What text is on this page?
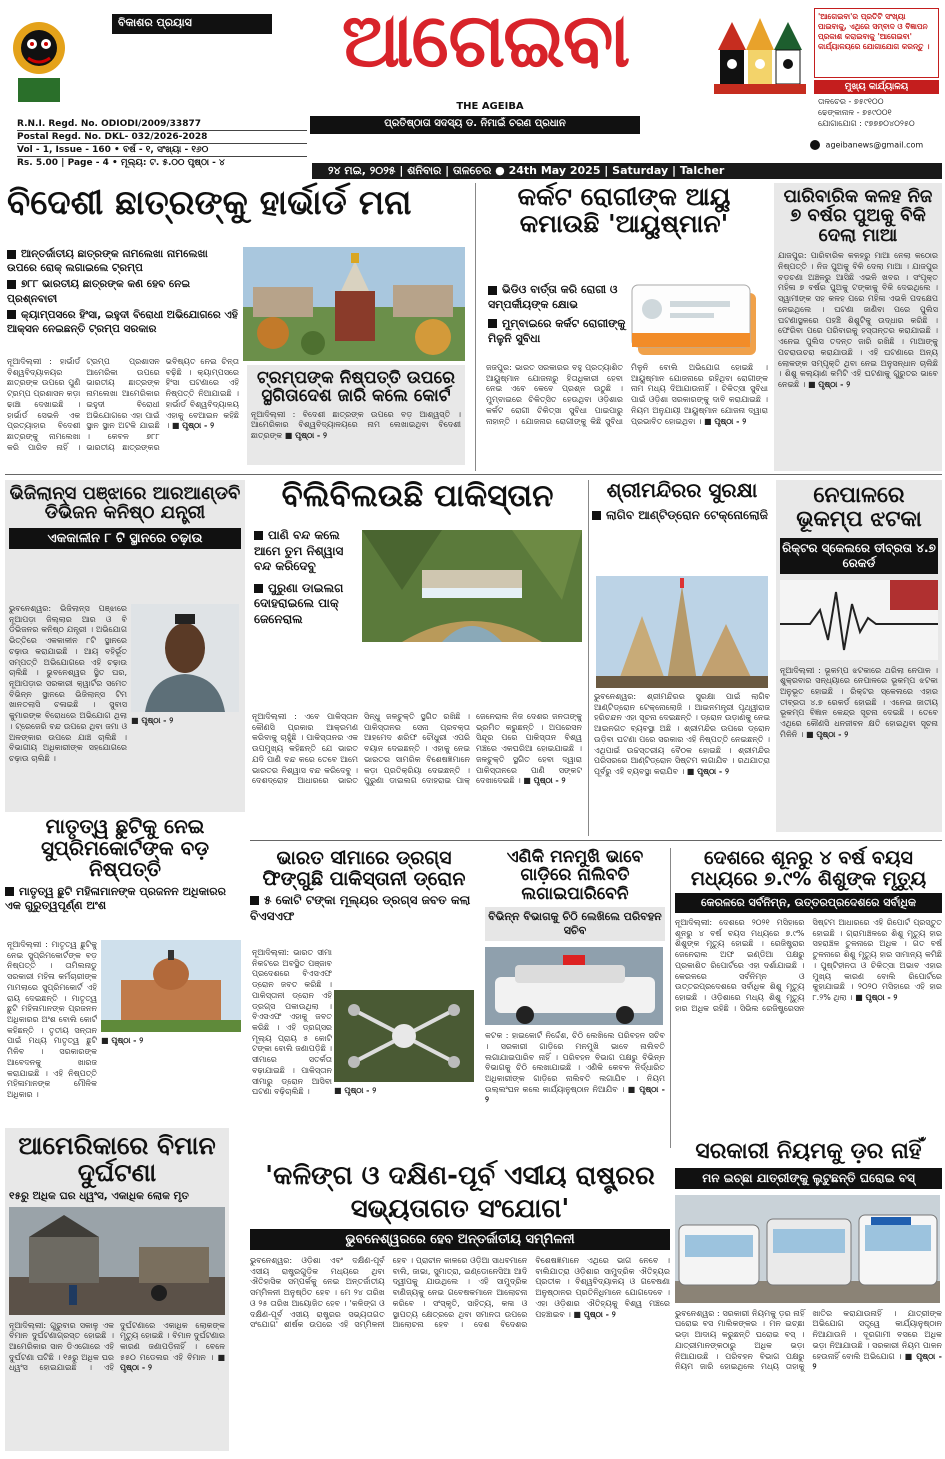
ବିକାଶର ପ୍ରୟାସ	ଆଗେଇବା
THE AGEIBA
ପ୍ରତିଷ୍ଠାତା ସଦସ୍ୟ ଡ. ନିମାଇଁ ଚରଣ ପ୍ରଧାନ
'ଆଗେଇବା'ର ପ୍ରତିଟି ସଂଖ୍ୟା ପାଇବାକୁ, ଏଥିରେ ସମ୍ବାଦ ଓ ବିଜ୍ଞାପନ ପ୍ରକାଶ କରାଇବାକୁ 'ଆଗେଇବା' କାର୍ଯ୍ୟାଳୟରେ ଯୋଗାଯୋଗ କରନ୍ତୁ ।
ମୁଖ୍ୟ କାର୍ଯ୍ୟାଳୟ
ତାଳଚେର - ୭୫୯୧୦୦
ଢେଙ୍କାନାଳ - ୭୫୯୦୦୧
ଯୋଗାଯୋଗ : ୯୭୭୭୦୪୦୨୫୦
ageibanews@gmail.com
R.N.I. Regd. No. ODIODI/2009/33877
Postal Regd. No. DKL- 032/2026-2028
Vol - 1, Issue - 160 • ବର୍ଷ - ୧, ସଂଖ୍ୟା - ୧୬୦
Rs. 5.00 | Page - 4 • ମୂଲ୍ୟ: ଟ. ୫.୦୦ ପୃଷ୍ଠା - ୪
୨୪ ମଇ, ୨୦୨୫ | ଶନିବାର | ତାଳଚେର ● 24th May 2025 | Saturday | Talcher
ବିଦେଶୀ ଛାତ୍ରଙ୍କୁ ହାର୍ଭାର୍ଡ ମନା
ଆନ୍ତର୍ଜାତୀୟ ଛାତ୍ରଙ୍କ ନାମଲେଖା ନାମଲେଖା ଉପରେ ରୋକ୍ ଲଗାଇଲେ ଟ୍ରମ୍ପ
୭୮୮ ଭାରତୀୟ ଛାତ୍ରଙ୍କ କଣ ହେବ ନେଇ ପ୍ରଶ୍ନବାଚୀ
କ୍ୟାମ୍ପସରେ ହିଂସା, ଇହୁଦୀ ବିରୋଧୀ ଅଭିଯୋଗରେ ଏହି ଆକ୍ସନ ନେଇଛନ୍ତି ଟ୍ରମ୍ପ ସରକାର
ନୂଆଦିଲ୍ଲୀ : ହାର୍ଭାର୍ଡ ବିଶ୍ୱବିଦ୍ୟାଳୟର ଛାତ୍ରଙ୍କ ଉପରେ ପୁଣି ଟ୍ରମ୍ପ ପ୍ରଶାସନ କଡ଼ା ଢାଞ୍ଚା ଦେଖାଇଛି । ହାର୍ଭାର୍ଡ ସେଭଳି ଏକ ପ୍ରତ୍ୟାହାର ବିଦେଶୀ ଛାତ୍ରଙ୍କୁ ନାମଲେଖା କରି ପାରିବ ନାହିଁ । ଟ୍ରମ୍ପ ପ୍ରଶାସନ ଆମେରିକା ଉପରେ ଭାରତୀୟ ଛାତ୍ରଙ୍କ ନାମଲେଖା ଆମେରିକାର ଇହୁଦୀ ବିରୋଧୀ ଅଭିଯୋଗରେ ଏହା ପାଇଁ ସ୍ଥାନ ସ୍ଥାନ ଅଟକି ଯାଇଛି । କେବଳ ୭୮୮ ଭାରତୀୟ ଛାତ୍ରଙ୍କର ଭବିଷ୍ୟତ ନେଇ ଚିନ୍ତା ବଢ଼ିଛି । କ୍ୟାମ୍ପସରେ ହିଂସା ଘଟଣାରେ ଏହି ନିଷ୍ପତ୍ତି ନିଆଯାଇଛି । ହାର୍ଭାର୍ଡ ବିଶ୍ୱବିଦ୍ୟାଳୟ ଏହାକୁ ବେଆଇନ କହିଛି । ■ ପୃଷ୍ଠା - ୨
ଟ୍ରମ୍ପଙ୍କ ନିଷ୍ପତ୍ତି ଉପରେ ସ୍ଥଗିତାଦେଶ ଜାରି କଲେ କୋର୍ଟ
ନୂଆଦିଲ୍ଲୀ : ବିଦେଶୀ ଛାତ୍ରଙ୍କ ଉପରେ ବଡ଼ ଆଶ୍ୱସ୍ତି । ଆମେରିକାର ବିଶ୍ୱବିଦ୍ୟାଳୟରେ ନାମ ଲେଖାଇଥିବା ବିଦେଶୀ ଛାତ୍ରଙ୍କ ■ ପୃଷ୍ଠା - ୨
କର୍କଟ ରୋଗୀଙ୍କ ଆୟୁ କମାଉଛି 'ଆୟୁଷ୍ମାନ'
ଭିଡିଓ ବାର୍ତ୍ତା କରି ରୋଗୀ ଓ ସମ୍ପର୍କୀୟଙ୍କ କ୍ଷୋଭ
ମୁମ୍ବାଇରେ କର୍କଟ ରୋଗୀଙ୍କୁ ମିଳୁନି ସୁବିଧା
ଜଜପୁର: ଭାରତ ସରକାରର ବହୁ ପ୍ରତ୍ୟାଶିତ ଆୟୁଷ୍ମାନ ଯୋଜନାରୁ ହିତାଧିକାରୀ ହେବା ନେଇ ଏବେ କେବେ ପ୍ରଶ୍ନ ଉଠୁଛି । ମୁମ୍ବାଇରେ ଚିକିତ୍ସିତ ହେଉଥିବା ଓଡ଼ିଶାର କର୍କଟ ରୋଗୀ ଚିକିତ୍ସା ସୁବିଧା ପାଇପାରୁ ନାହାନ୍ତି । ଯୋଜନାର ରୋଗୀଙ୍କୁ କିଛି ସୁବିଧା ମିଳୁନି ବୋଲି ଅଭିଯୋଗ ହୋଇଛି । ଆୟୁଷ୍ମାନ ଯୋଜନାରେ ରହିଥିବା ରୋଗୀଙ୍କ ନାମ ମଧ୍ୟ ଦିଆଯାଉନାହିଁ । ଚିକିତ୍ସା ସୁବିଧା ପାଇଁ ଓଡ଼ିଶା ସରକାରଙ୍କୁ ଦାବି କରାଯାଇଛି । ନିୟମ ଅନୁଯାୟୀ ଆୟୁଷ୍ମାନ ଯୋଜନା ଦ୍ୱାରା ପ୍ରଭାବିତ ହୋଇଥିବା । ■ ପୃଷ୍ଠା - ୨
ପାରିବାରିକ କଳହ ନିଜ ୭ ବର୍ଷର ପୁଅକୁ ବିକି ଦେଲା ମାଆ
ଯାଜପୁର: ପାରିବାରିକ କଳହରୁ ମାଆ ନେଲା କଠୋର ନିଷ୍ପତ୍ତି । ନିଜ ପୁଅକୁ ବିକି ଦେଲା ମାଆ । ଯାଜପୁର ବଡ଼ଚଣା ଅଞ୍ଚଳରୁ ଆସିଛି ଏଭଳି ଖବର । ସଂପୃକ୍ତ ମହିଳା ୭ ବର୍ଷର ପୁଅକୁ ଟଙ୍କାକୁ ବିକି ଦେଇଥିଲେ । ସ୍ୱାମୀଙ୍କ ସହ କଳହ ପରେ ମହିଳା ଏଭଳି ପଦକ୍ଷେପ ନେଇଥିଲେ । ଘଟଣା ଜାଣିବା ପରେ ପୁଲିସ ଘଟଣାସ୍ଥଳରେ ପହଞ୍ଚି ଶିଶୁଟିକୁ ଉଦ୍ଧାର କରିଛି । ଫେରିବା ପରେ ପରିବାରକୁ ହସ୍ତାନ୍ତର କରାଯାଇଛି । ଏନେଇ ପୁଲିସ ତଦନ୍ତ ଜାରି ରଖିଛି । ମାଆଙ୍କୁ ପଚରାଉଚରା କରାଯାଉଛି । ଏହି ଘଟଣାରେ ଅନ୍ୟ ଲୋକଙ୍କ ସମ୍ପୃକ୍ତି ଥିବା ନେଇ ଅନୁସନ୍ଧାନ ଚାଲିଛି । ଶିଶୁ କଲ୍ୟାଣ କମିଟି ଏହି ଘଟଣାକୁ ଗୁରୁତର ଭାବେ ନେଇଛି । ■ ପୃଷ୍ଠା - ୨
ଭିଜିଲାନ୍ସ ପଞ୍ଝାରେ ଆରଆଣ୍ଡବି ଡିଭିଜନ କନିଷ୍ଠ ଯନ୍ତ୍ରୀ
ଏକକାଳୀନ ୮ ଟି ସ୍ଥାନରେ ଚଢ଼ାଉ
ଭୁବନେଶ୍ୱର: ଭିଜିଲାନ୍ସ ପଞ୍ଝାରେ ନୂଆପଡ଼ା ଜିଲ୍ଲାର ଆର ଓ ବି ଡିଭିଜନର କନିଷ୍ଠ ଯନ୍ତ୍ରୀ । ଅଭିଯୋଗ ଭିତ୍ତିରେ ଏକକାଳୀନ ୮ଟି ସ୍ଥାନରେ ଚଢ଼ାଉ କରାଯାଇଛି । ଆୟ ବହିର୍ଭୂତ ସମ୍ପତ୍ତି ଅଭିଯୋଗରେ ଏହି ଚଢ଼ାଉ ଚାଲିଛି । ଭୁବନେଶ୍ୱର ସ୍ଥିତ ଘର, ନୂଆପଡ଼ାର ସରକାରୀ କ୍ୱାର୍ଟର ସମେତ ବିଭିନ୍ନ ସ୍ଥାନରେ ଭିଜିଲାନ୍ସ ଟିମ ଖାନତଲାସି ଚଳାଇଛି । ସୁବାସ କୁମାରଙ୍କ ବିରୋଧରେ ଅଭିଯୋଗ ଥିଲା । ଟ୍ରେଜେରି ବନ୍ଦ ଉପରେ ଥିବା ଜମା ଓ ଅଳଙ୍କାର ଉପରେ ଯାଞ୍ଚ ଚାଲିଛି । ବିଭାଗୀୟ ଅଧିକାରୀଙ୍କ ସହଯୋଗରେ ଚଢ଼ାଉ ଚାଲିଛି ।
■ ପୃଷ୍ଠା - ୨
ବିଲିବିଲଉଛି ପାକିସ୍ତାନ
ପାଣି ବନ୍ଦ କଲେ ଆମେ ତୁମ ନିଶ୍ୱାସ ବନ୍ଦ କରିଦେବୁ
ପୁରୁଣା ଡାଇଲଗ ଦୋହରାଇଲେ ପାକ୍ ଜେନେରାଲ
ନୂଆଦିଲ୍ଲୀ : ଏବେ ପାକିସ୍ତାନ କୌଣସି ପ୍ରକାର ଆକ୍ରମଣ କରିବାକୁ ଚାହୁଁଛି । ପାକିସ୍ତାନର ଏକ ଉପମୁଖ୍ୟ କହିଛନ୍ତି ଯେ ଭାରତ ଯଦି ପାଣି ବନ୍ଦ କରେ ତେବେ ଆମେ ଭାରତର ନିଶ୍ୱାସ ବନ୍ଦ କରିଦେବୁ । ଦେଶଦ୍ରୋହ ଆଧାରରେ ଭାରତ ସିନ୍ଧୁ ଜଳଚୁକ୍ତି ସ୍ଥଗିତ ରଖିଛି । ପାକିସ୍ତାନର ସେନା ପ୍ରବକ୍ତା ଆହମେଦ ଶରିଫ ଚୌଧୁରୀ ଏପରି ବୟାନ ଦେଇଛନ୍ତି । ଏହାକୁ ନେଇ ଭାରତର ସାମରିକ ବିଶେଷଜ୍ଞମାନେ କଡ଼ା ପ୍ରତିକ୍ରିୟା ଦେଇଛନ୍ତି । ପୁରୁଣା ଡାଇଲଗ ଦୋହରାଇ ପାକ୍ ଜେନେରାଲ ନିଜ ଦେଶର ଜନତାଙ୍କୁ ଭ୍ରମିତ କରୁଛନ୍ତି । ଅପରେସନ ସିନ୍ଦୂର ପରେ ପାକିସ୍ତାନ ବିଶ୍ୱ ମଞ୍ଚରେ ଏକଘରିଆ ହୋଇଯାଇଛି । ଜଳଚୁକ୍ତି ସ୍ଥଗିତ ହେବା ଦ୍ୱାରା ପାକିସ୍ତାନରେ ପାଣି ସଙ୍କଟ ଦେଖାଦେଇଛି । ■ ପୃଷ୍ଠା - ୨
ଶ୍ରୀମନ୍ଦିରର ସୁରକ୍ଷା
ଲାଗିବ ଆଣ୍ଟିଡ୍ରୋନ ଟେକ୍ନୋଲୋଜି
ଭୁବନେଶ୍ୱର: ଶ୍ରୀମନ୍ଦିରର ସୁରକ୍ଷା ପାଇଁ ଲାଗିବ ଆଣ୍ଟିଡ୍ରୋନ ଟେକ୍ନୋଲୋଜି । ଆଇନମନ୍ତ୍ରୀ ପୃଥ୍ୱୀରାଜ ହରିଚନ୍ଦନ ଏହା ସୂଚନା ଦେଇଛନ୍ତି । ଡ୍ରୋନ ଉଡ଼ାଣକୁ ନେଇ ଆଇନଗତ ବ୍ୟବସ୍ଥା ଅଛି । ଶ୍ରୀମନ୍ଦିର ଉପରେ ଡ୍ରୋନ ଉଡ଼ିବା ଘଟଣା ପରେ ସରକାର ଏହି ନିଷ୍ପତ୍ତି ନେଇଛନ୍ତି । ଏଥିପାଇଁ ଉଚ୍ଚସ୍ତରୀୟ ବୈଠକ ହୋଇଛି । ଶ୍ରୀମନ୍ଦିର ପରିସରରେ ଆଣ୍ଟିଡ୍ରୋନ ସିଷ୍ଟମ ଲଗାଯିବ । ରଥଯାତ୍ରା ପୂର୍ବରୁ ଏହି ବ୍ୟବସ୍ଥା କରାଯିବ । ■ ପୃଷ୍ଠା - ୨
ନେପାଳରେ ଭୂକମ୍ପ ଝଟକା
ରିକ୍ଟର ସ୍କେଲରେ ତୀବ୍ରତା ୪.୭ ରେକର୍ଡ
ନୂଆଦିଲ୍ଲୀ : ଭୂକମ୍ପ ଝଟକାରେ ଥରିଲା ନେପାଳ । ଶୁକ୍ରବାର ସନ୍ଧ୍ୟାରେ ନେପାଳରେ ଭୂକମ୍ପ ଝଟକା ଅନୁଭୂତ ହୋଇଛି । ରିକ୍ଟର ସ୍କେଲରେ ଏହାର ତୀବ୍ରତା ୪.୭ ରେକର୍ଡ ହୋଇଛି । ଏନେଇ ଜାତୀୟ ଭୂକମ୍ପ ବିଜ୍ଞାନ କେନ୍ଦ୍ର ସୂଚନା ଦେଇଛି । ତେବେ ଏଥିରେ କୌଣସି ଧନଜୀବନ କ୍ଷତି ହୋଇଥିବା ସୂଚନା ମିଳିନି । ■ ପୃଷ୍ଠା - ୨
ମାତୃତ୍ୱ ଛୁଟିକୁ ନେଇ ସୁପ୍ରିମକୋର୍ଟଙ୍କ ବଡ଼ ନିଷ୍ପତ୍ତି
ମାତୃତ୍ୱ ଛୁଟି ମହିଳାମାନଙ୍କ ପ୍ରଜନନ ଅଧିକାରର ଏକ ଗୁରୁତ୍ୱପୂର୍ଣ୍ଣ ଅଂଶ
ନୂଆଦିଲ୍ଲୀ : ମାତୃତ୍ୱ ଛୁଟିକୁ ନେଇ ସୁପ୍ରିମକୋର୍ଟଙ୍କ ବଡ଼ ନିଷ୍ପତ୍ତି । ତାମିଲନାଡୁ ସରକାରୀ ମହିଳା କର୍ମଚାରୀଙ୍କ ମାମଲାରେ ସୁପ୍ରିମକୋର୍ଟ ଏହି ରାୟ ଦେଇଛନ୍ତି । ମାତୃତ୍ୱ ଛୁଟି ମହିଳାମାନଙ୍କ ପ୍ରଜନନ ଅଧିକାରର ଅଂଶ ବୋଲି କୋର୍ଟ କହିଛନ୍ତି । ତୃତୀୟ ସନ୍ତାନ ପାଇଁ ମଧ୍ୟ ମାତୃତ୍ୱ ଛୁଟି ମିଳିବ । ସରକାରଙ୍କ ଆବେଦନକୁ ଖାରଜ କରାଯାଇଛି । ଏହି ନିଷ୍ପତ୍ତି ମହିଳାମାନଙ୍କ ମୌଳିକ ଅଧିକାର ।
■ ପୃଷ୍ଠା - ୨
ଭାରତ ସୀମାରେ ଡ୍ରଗ୍ସ ଫିଙ୍ଗୁଛି ପାକିସ୍ତାନୀ ଡ୍ରୋନ
୫ କୋଟି ଟଙ୍କା ମୂଲ୍ୟର ଡ୍ରଗ୍ସ ଜବତ କଲା ବିଏସଏଫ
ନୂଆଦିଲ୍ଲୀ: ଭାରତ ସୀମା ନିକଟରେ ଅବସ୍ଥିତ ପଞ୍ଜାବ ପ୍ରଦେଶରେ ବିଏସଏଫ ଡ୍ରୋନ ଜବତ କରିଛି । ପାକିସ୍ତାନୀ ଡ୍ରୋନ ଏହି ଡ୍ରଗ୍ସ ପକାଉଥିଲା । ବିଏସଏଫ ଏହାକୁ ଜବତ କରିଛି । ଏହି ଡ୍ରଗ୍ସର ମୂଲ୍ୟ ପ୍ରାୟ ୫ କୋଟି ଟଙ୍କା ବୋଲି ଜଣାପଡ଼ିଛି । ସୀମାରେ ସତର୍କତା ବଢ଼ାଯାଇଛି । ପାକିସ୍ତାନ ସୀମାରୁ ଡ୍ରୋନ ଆସିବା ଘଟଣା ବଢ଼ିଚାଲିଛି ।	■ ପୃଷ୍ଠା - ୨
ଏଣିକି ମନମୁଖି ଭାବେ ଗାଡ଼ିରେ ନାଲିବତି ଲଗାଇପାରିବେନି
ବିଭିନ୍ନ ବିଭାଗକୁ ଚିଠି ଲେଖିଲେ ପରିବହନ ସଚିବ
କଟକ : ହାଇକୋର୍ଟ ନିର୍ଦ୍ଦେଶ, ଚିଠି ଲେଖିଲେ ପରିବହନ ସଚିବ । ସରକାରୀ ଗାଡ଼ିରେ ମନମୁଖି ଭାବେ ନାଲିବତି ଲଗାଯାଇପାରିବ ନାହିଁ । ପରିବହନ ବିଭାଗ ପକ୍ଷରୁ ବିଭିନ୍ନ ବିଭାଗକୁ ଚିଠି ଲେଖାଯାଇଛି । ଏଣିକି କେବଳ ନିର୍ଦ୍ଧାରିତ ଅଧିକାରୀଙ୍କ ଗାଡ଼ିରେ ନାଲିବତି ଲଗାଯିବ । ନିୟମ ଉଲ୍ଲଂଘନ କଲେ କାର୍ଯ୍ୟାନୁଷ୍ଠାନ ନିଆଯିବ । ■ ପୃଷ୍ଠା - ୨
ଦେଶରେ ଶୂନରୁ ୪ ବର୍ଷ ବୟସ ମଧ୍ୟରେ ୭.୯% ଶିଶୁଙ୍କ ମୃତ୍ୟୁ
କେରଳରେ ସର୍ବନିମ୍ନ, ଉତ୍ତରପ୍ରଦେଶରେ ସର୍ବାଧିକ
ନୂଆଦିଲ୍ଲୀ: ଦେଶରେ ୨୦୨୧ ମସିହାରେ ଶୂନରୁ ୪ ବର୍ଷ ବୟସ ମଧ୍ୟରେ ୭.୯% ଶିଶୁଙ୍କ ମୃତ୍ୟୁ ହୋଇଛି । ରେଜିଷ୍ଟ୍ରାର ଜେନେରାଲ ଅଫ ଇଣ୍ଡିଆ ପକ୍ଷରୁ ପ୍ରକାଶିତ ରିପୋର୍ଟରେ ଏହା ଦର୍ଶାଯାଇଛି । କେରଳରେ ସର୍ବନିମ୍ନ ଓ ଉତ୍ତରପ୍ରଦେଶରେ ସର୍ବାଧିକ ଶିଶୁ ମୃତ୍ୟୁ ହୋଇଛି । ଓଡ଼ିଶାରେ ମଧ୍ୟ ଶିଶୁ ମୃତ୍ୟୁ ହାର ଅଧିକ ରହିଛି । ସିଭିଲ ରେଜିଷ୍ଟ୍ରେସନ ସିଷ୍ଟମ ଆଧାରରେ ଏହି ରିପୋର୍ଟ ପ୍ରସ୍ତୁତ ହୋଇଛି । ଗ୍ରାମାଞ୍ଚଳରେ ଶିଶୁ ମୃତ୍ୟୁ ହାର ସହରାଞ୍ଚଳ ତୁଳନାରେ ଅଧିକ । ଗତ ବର୍ଷ ତୁଳନାରେ ଶିଶୁ ମୃତ୍ୟୁ ହାର ସାମାନ୍ୟ କମିଛି । ପୁଷ୍ଟିହୀନତା ଓ ଚିକିତ୍ସା ଅଭାବ ଏହାର ମୁଖ୍ୟ କାରଣ ବୋଲି ରିପୋର୍ଟରେ କୁହାଯାଇଛି । ୨୦୨୦ ମସିହାରେ ଏହି ହାର ୮.୨% ଥିଲା । ■ ପୃଷ୍ଠା - ୨
ଆମେରିକାରେ ବିମାନ ଦୁର୍ଘଟଣା
୧୫ରୁ ଅଧିକ ଘର ଧ୍ୱଂସ, ଏକାଧିକ ଲୋକ ମୃତ
ନୂଆଦିଲ୍ଲୀ: ଗୁରୁବାର ସକାଳୁ ଏକ ବିମାନ ଦୁର୍ଘଟଣାଗ୍ରସ୍ତ ହୋଇଛି । ଆମେରିକାର ସାନ ଡିଏଗୋରେ ଏହି ଦୁର୍ଘଟଣା ଘଟିଛି । ୧୫ରୁ ଅଧିକ ଘର ଧ୍ୱଂସ ହୋଇଯାଇଛି । ଏହି ଦୁର୍ଘଟଣାରେ ଏକାଧିକ ଲୋକଙ୍କ ମୃତ୍ୟୁ ହୋଇଛି । ବିମାନ ଦୁର୍ଘଟଣାର କାରଣ ଜଣାପଡ଼ିନାହିଁ । ବେଳେ ୫୫୦ ମଡେଲର ଏହି ବିମାନ । ■ ପୃଷ୍ଠା - ୨
'କଳିଙ୍ଗ ଓ ଦକ୍ଷିଣ-ପୂର୍ବ ଏସୀୟ ରାଷ୍ଟ୍ରର ସଭ୍ୟତାଗତ ସଂଯୋଗ'
ଭୁବନେଶ୍ୱରରେ ହେବ ଅନ୍ତର୍ଜାତୀୟ ସମ୍ମିଳନୀ
ଭୁବନେଶ୍ୱର: ଓଡ଼ିଶା ଏବଂ ଦକ୍ଷିଣ-ପୂର୍ବ ଏସୀୟ ରାଷ୍ଟ୍ରଗୁଡ଼ିକ ମଧ୍ୟରେ ଥିବା ଐତିହାସିକ ସମ୍ପର୍କକୁ ନେଇ ଅନ୍ତର୍ଜାତୀୟ ସମ୍ମିଳନୀ ଅନୁଷ୍ଠିତ ହେବ । ମେ ୨୪ ତାରିଖ ଓ ୨୫ ତାରିଖ ଆୟୋଜିତ ହେବ । 'କଳିଙ୍ଗ ଓ ଦକ୍ଷିଣ-ପୂର୍ବ ଏସୀୟ ରାଷ୍ଟ୍ରର ସଭ୍ୟତାଗତ ସଂଯୋଗ' ଶୀର୍ଷକ ଉପରେ ଏହି ସମ୍ମିଳନୀ ହେବ । ପ୍ରାଚୀନ କାଳରେ ଓଡ଼ିଆ ସାଧବମାନେ ବାଲି, ଜାଭା, ସୁମାତ୍ରା, ଇଣ୍ଡୋନେସିଆ ଆଦି ଦ୍ୱୀପକୁ ଯାଉଥିଲେ । ଏହି ସାମୁଦ୍ରିକ ବାଣିଜ୍ୟକୁ ନେଇ ଗବେଷକମାନେ ଆଲୋଚନା କରିବେ । ସଂସ୍କୃତି, ସାହିତ୍ୟ, କଳା ଓ ସ୍ଥାପତ୍ୟ କ୍ଷେତ୍ରରେ ଥିବା ସମାନତା ଉପରେ ଆଲୋଚନା ହେବ । ଦେଶ ବିଦେଶର ବିଶେଷଜ୍ଞମାନେ ଏଥିରେ ଭାଗ ନେବେ । ବାଲିଯାତ୍ରା ଓଡ଼ିଶାର ସାମୁଦ୍ରିକ ଐତିହ୍ୟର ପ୍ରତୀକ । ବିଶ୍ୱବିଦ୍ୟାଳୟ ଓ ଗବେଷଣା ଅନୁଷ୍ଠାନର ପ୍ରତିନିଧିମାନେ ଯୋଗଦେବେ । ଏହା ଓଡ଼ିଶାର ଐତିହ୍ୟକୁ ବିଶ୍ୱ ମଞ୍ଚରେ ପହଞ୍ଚାଇବ । ■ ପୃଷ୍ଠା - ୨
ସରକାରୀ ନିୟମକୁ ଡ଼ର ନାହିଁ
ମନ ଇଚ୍ଛା ଯାତ୍ରୀଙ୍କୁ ଲୁଟୁଛନ୍ତି ଘରୋଇ ବସ୍
ଭୁବନେଶ୍ୱର : ସରକାରୀ ନିୟମକୁ ଡ଼ର ନାହିଁ ଘରୋଇ ବସ ମାଲିକଙ୍କର । ମନ ଇଚ୍ଛା ଭଡ଼ା ଆଦାୟ କରୁଛନ୍ତି ଘରୋଇ ବସ୍ । ଯାତ୍ରୀମାନଙ୍କଠାରୁ ଅଧିକ ଭଡ଼ା ନିଆଯାଉଛି । ପରିବହନ ବିଭାଗ ପକ୍ଷରୁ ନିୟମ ଜାରି ହୋଇଥିଲେ ମଧ୍ୟ ତାହାକୁ ଖାତିର କରାଯାଉନାହିଁ । ଯାତ୍ରୀଙ୍କ ଅଭିଯୋଗ ସତ୍ତ୍ୱେ କାର୍ଯ୍ୟାନୁଷ୍ଠାନ ନିଆଯାଉନି । ଦୂରଗାମୀ ବସରେ ଅଧିକ ଭଡ଼ା ନିଆଯାଉଛି । ସରକାରୀ ନିୟମ ପାଳନ ହେଉନାହିଁ ବୋଲି ଅଭିଯୋଗ । ■ ପୃଷ୍ଠା - ୨
